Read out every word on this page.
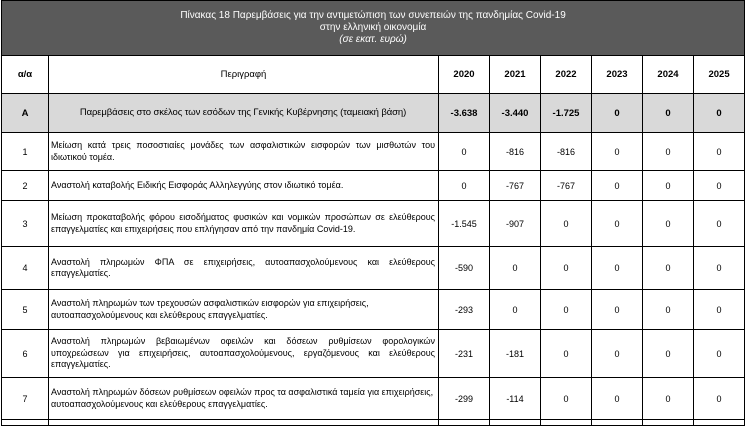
Πίνακας 18 Παρεμβάσεις για την αντιμετώπιση των συνεπειών της πανδημίας Covid-19
στην ελληνική οικονομία
(σε εκατ. ευρώ)							

α/α	Περιγραφή	2020	2021	2022	2023	2024	2025
Α	Παρεμβάσεις στο σκέλος των εσόδων της Γενικής Κυβέρνησης (ταμειακή βάση)	-3.638	-3.440	-1.725	0	0	0
1	Μείωση κατά τρεις ποσοστιαίες μονάδες των ασφαλιστικών εισφορών των μισθωτών του ιδιωτικού τομέα.	0	-816	-816	0	0	0
2	Αναστολή καταβολής Ειδικής Εισφοράς Αλληλεγγύης στον ιδιωτικό τομέα.	0	-767	-767	0	0	0
3	Μείωση προκαταβολής φόρου εισοδήματος φυσικών και νομικών προσώπων σε ελεύθερους επαγγελματίες και επιχειρήσεις που επλήγησαν από την πανδημία Covid-19.	-1.545	-907	0	0	0	0
4	Αναστολή πληρωμών ΦΠΑ σε επιχειρήσεις, αυτοαπασχολούμενους και ελεύθερους επαγγελματίες.	-590	0	0	0	0	0
5	Αναστολή πληρωμών των τρεχουσών ασφαλιστικών εισφορών για επιχειρήσεις, αυτοαπασχολούμενους και ελεύθερους επαγγελματίες.	-293	0	0	0	0	0
6	Αναστολή πληρωμών βεβαιωμένων οφειλών και δόσεων ρυθμίσεων φορολογικών υποχρεώσεων για επιχειρήσεις, αυτοαπασχολούμενους, εργαζόμενους και ελεύθερους επαγγελματίες.	-231	-181	0	0	0	0
7	Αναστολή πληρωμών δόσεων ρυθμίσεων οφειλών προς τα ασφαλιστικά ταμεία για επιχειρήσεις, αυτοαπασχολούμενους και ελεύθερους επαγγελματίες.	-299	-114	0	0	0	0
